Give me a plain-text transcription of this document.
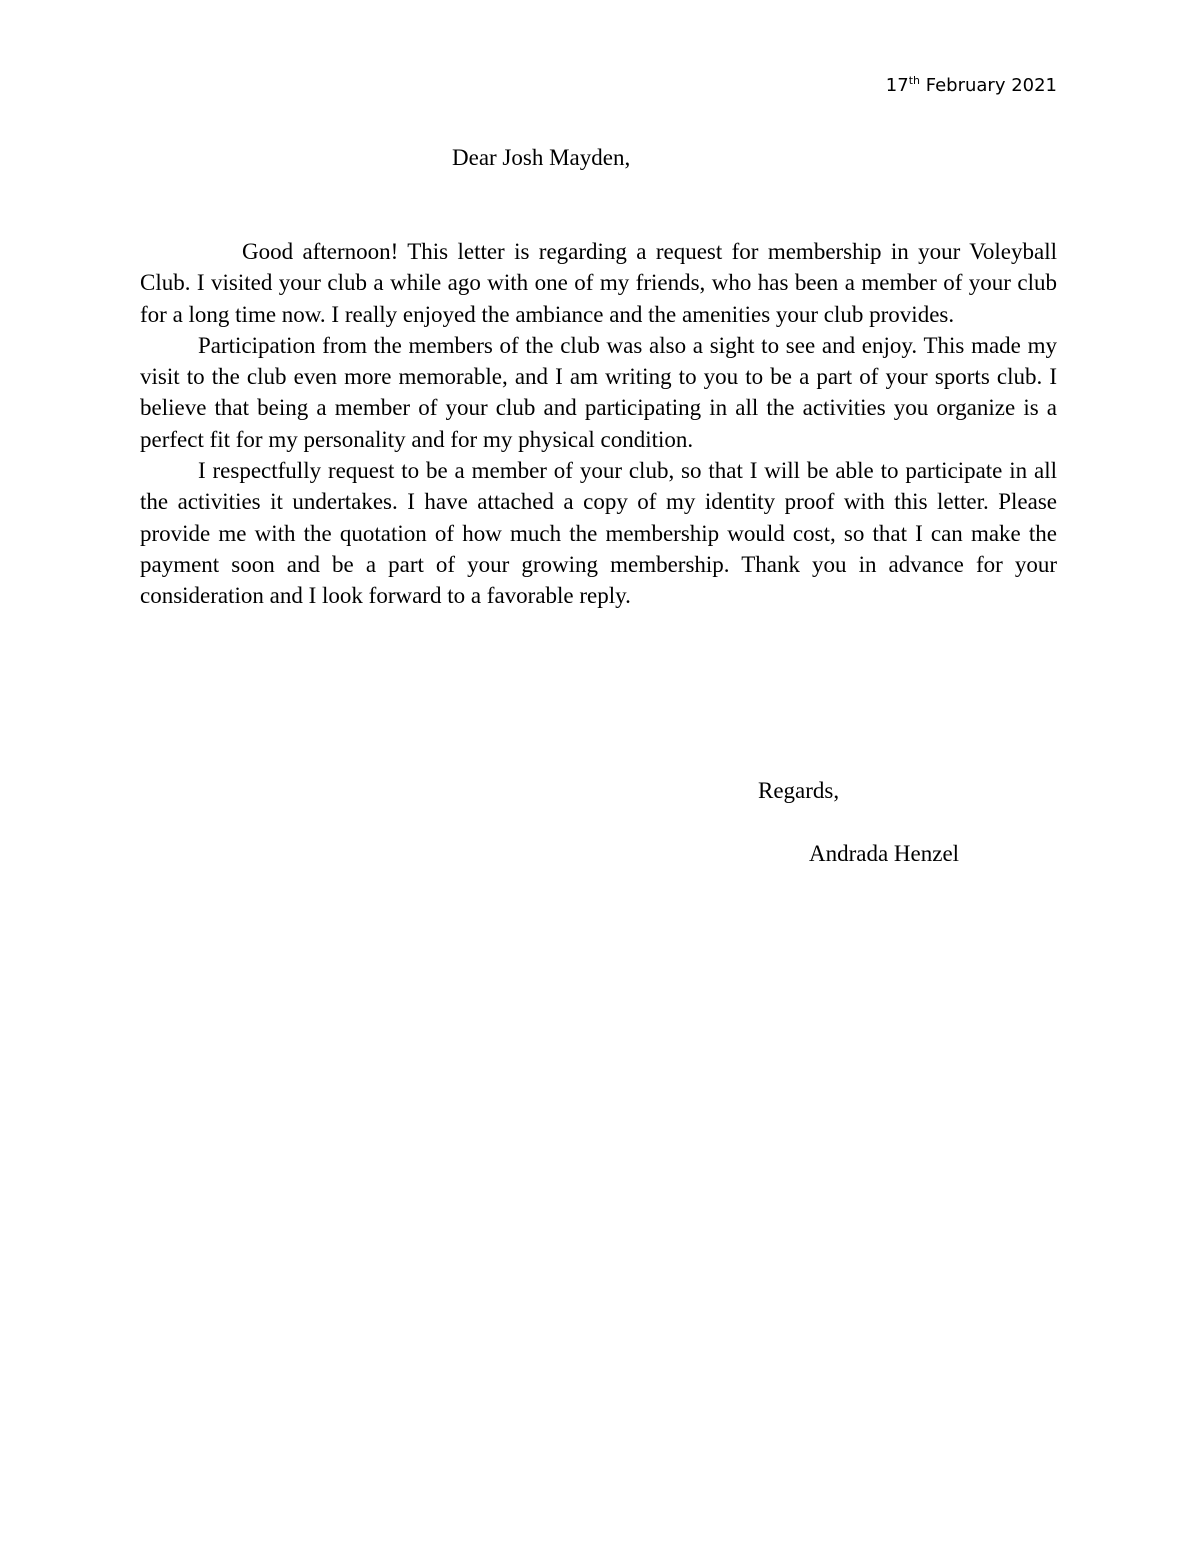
17th February 2021
Dear Josh Mayden,

Good afternoon! This letter is regarding a request for membership in your Voleyball Club. I visited your club a while ago with one of my friends, who has been a member of your club for a long time now. I really enjoyed the ambiance and the amenities your club provides.

Participation from the members of the club was also a sight to see and enjoy. This made my visit to the club even more memorable, and I am writing to you to be a part of your sports club. I believe that being a member of your club and participating in all the activities you organize is a perfect fit for my personality and for my physical condition.

I respectfully request to be a member of your club, so that I will be able to participate in all the activities it undertakes. I have attached a copy of my identity proof with this letter. Please provide me with the quotation of how much the membership would cost, so that I can make the payment soon and be a part of your growing membership. Thank you in advance for your consideration and I look forward to a favorable reply.

Regards,
Andrada Henzel
